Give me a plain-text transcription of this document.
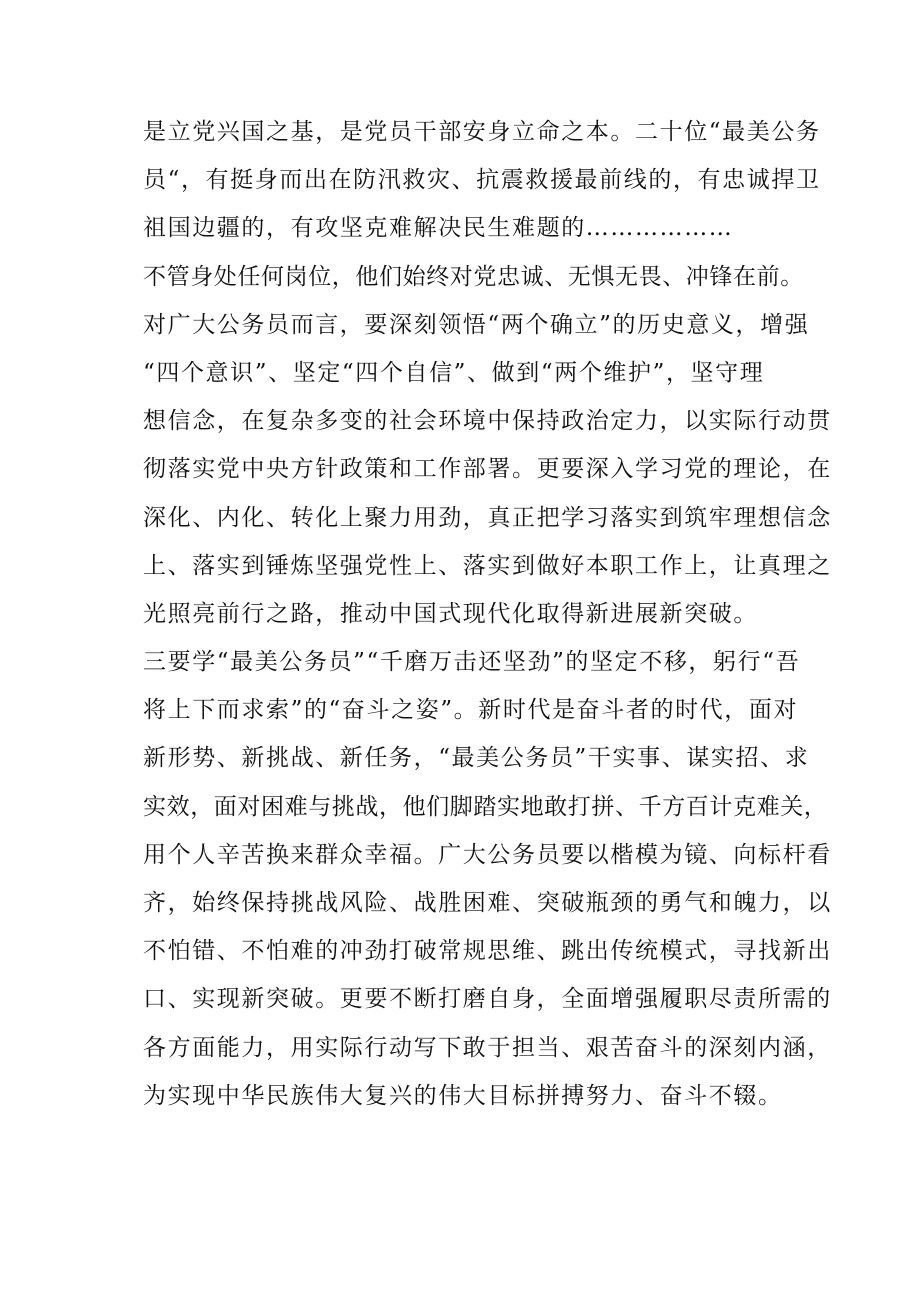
是立党兴国之基，是党员干部安身立命之本。二十位“最美公务
员“，有挺身而出在防汛救灾、抗震救援最前线的，有忠诚捍卫
祖国边疆的，有攻坚克难解决民生难题的………………
不管身处任何岗位，他们始终对党忠诚、无惧无畏、冲锋在前。
对广大公务员而言，要深刻领悟“两个确立”的历史意义，增强
“四个意识”、坚定“四个自信”、做到“两个维护”，坚守理
想信念，在复杂多变的社会环境中保持政治定力，以实际行动贯
彻落实党中央方针政策和工作部署。更要深入学习党的理论，在
深化、内化、转化上聚力用劲，真正把学习落实到筑牢理想信念
上、落实到锤炼坚强党性上、落实到做好本职工作上，让真理之
光照亮前行之路，推动中国式现代化取得新进展新突破。
三要学“最美公务员”“千磨万击还坚劲”的坚定不移，躬行“吾
将上下而求索”的“奋斗之姿”。新时代是奋斗者的时代，面对
新形势、新挑战、新任务，“最美公务员”干实事、谋实招、求
实效，面对困难与挑战，他们脚踏实地敢打拼、千方百计克难关，
用个人辛苦换来群众幸福。广大公务员要以楷模为镜、向标杆看
齐，始终保持挑战风险、战胜困难、突破瓶颈的勇气和魄力，以
不怕错、不怕难的冲劲打破常规思维、跳出传统模式，寻找新出
口、实现新突破。更要不断打磨自身，全面增强履职尽责所需的
各方面能力，用实际行动写下敢于担当、艰苦奋斗的深刻内涵，
为实现中华民族伟大复兴的伟大目标拼搏努力、奋斗不辍。
